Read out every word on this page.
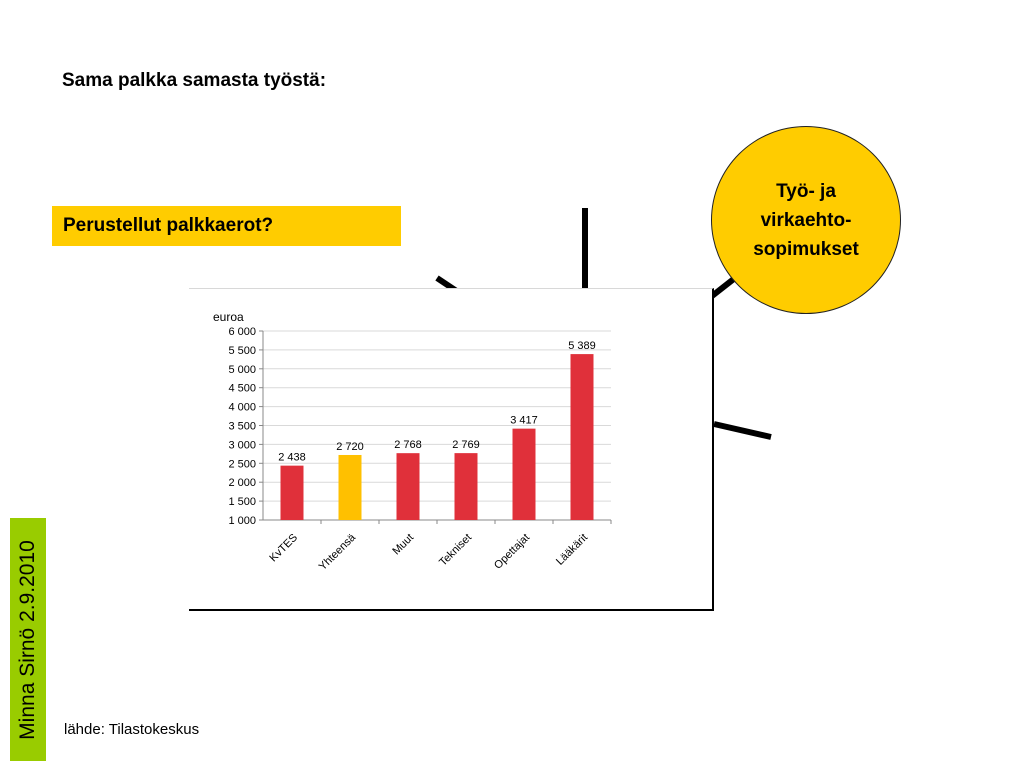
Sama palkka samasta työstä:
Perustellut palkkaerot?
Työ- ja
virkaehto-
sopimukset
1 000
1 500
2 000
2 500
3 000
3 500
4 000
4 500
5 000
5 500
6 000
2 438
KvTES
2 720
Yhteensä
2 768
Muut
2 769
Tekniset
3 417
Opettajat
5 389
Lääkärit
euroa
Minna Sirnö 2.9.2010 lähde: Tilastokeskus
